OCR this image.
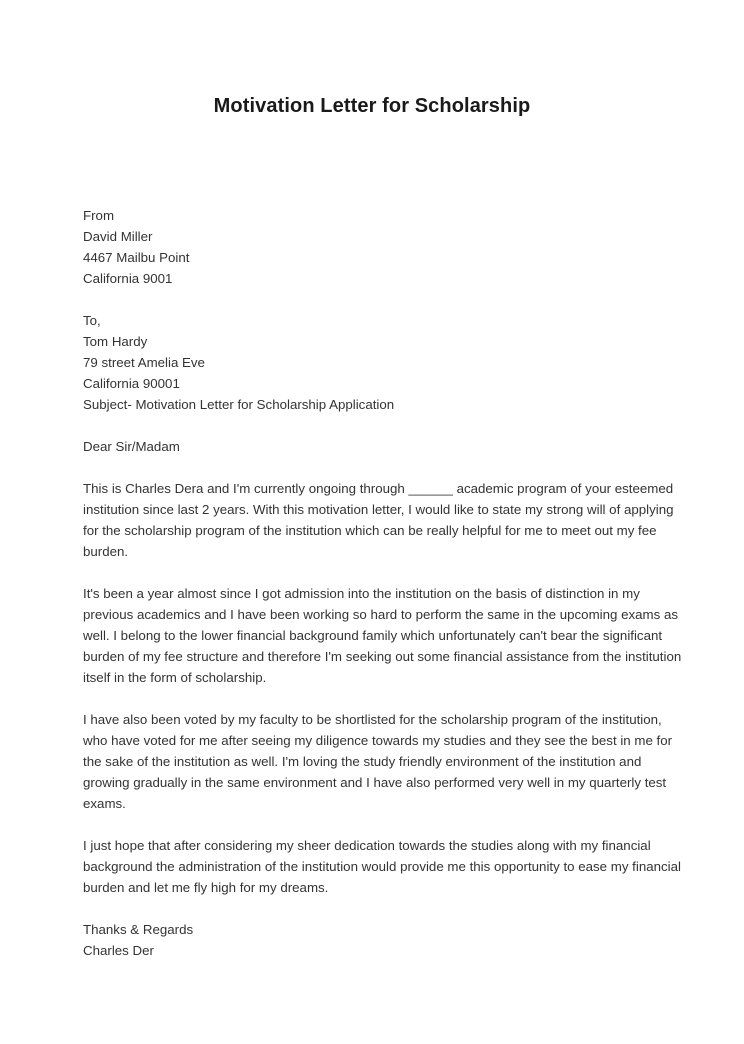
Motivation Letter for Scholarship
From
David Miller
4467 Mailbu Point
California 9001
To,
Tom Hardy
79 street Amelia Eve
California 90001
Subject- Motivation Letter for Scholarship Application
Dear Sir/Madam
This is Charles Dera and I'm currently ongoing through ______ academic program of your esteemed institution since last 2 years. With this motivation letter, I would like to state my strong will of applying for the scholarship program of the institution which can be really helpful for me to meet out my fee burden.
It's been a year almost since I got admission into the institution on the basis of distinction in my previous academics and I have been working so hard to perform the same in the upcoming exams as well. I belong to the lower financial background family which unfortunately can't bear the significant burden of my fee structure and therefore I'm seeking out some financial assistance from the institution itself in the form of scholarship.
I have also been voted by my faculty to be shortlisted for the scholarship program of the institution, who have voted for me after seeing my diligence towards my studies and they see the best in me for the sake of the institution as well. I'm loving the study friendly environment of the institution and growing gradually in the same environment and I have also performed very well in my quarterly test exams.
I just hope that after considering my sheer dedication towards the studies along with my financial background the administration of the institution would provide me this opportunity to ease my financial burden and let me fly high for my dreams.
Thanks & Regards
Charles Der
